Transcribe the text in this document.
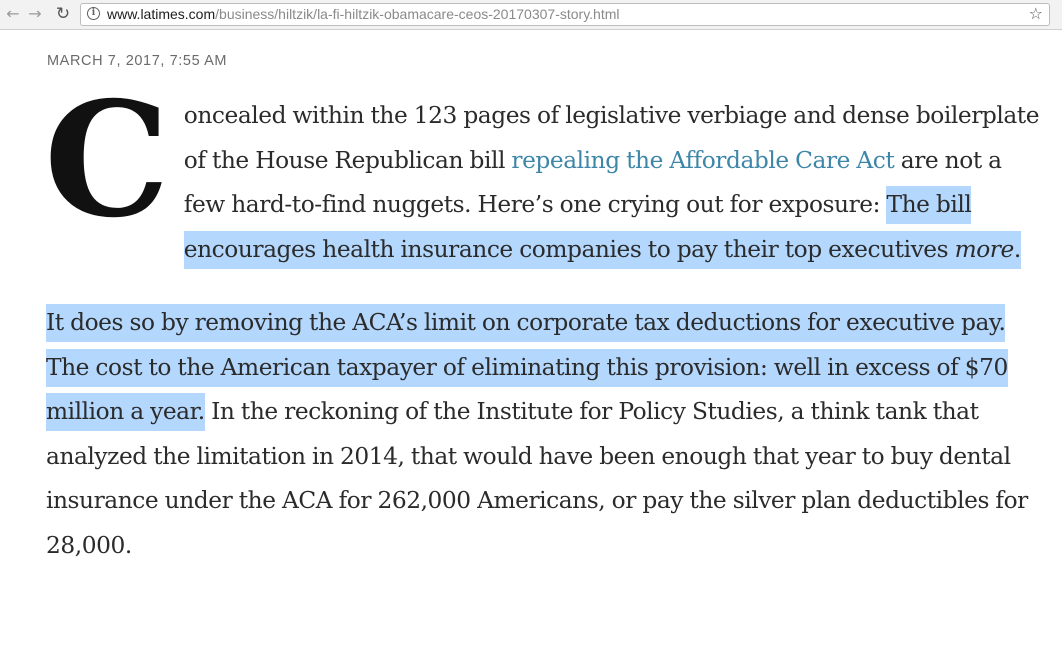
← → ↻	i www.latimes.com/business/hiltzik/la-fi-hiltzik-obamacare-ceos-20170307-story.html	☆
MARCH 7, 2017, 7:55 AM

Concealed within the 123 pages of legislative verbiage and dense boilerplate of the House Republican bill repealing the Affordable Care Act are not a few hard-to-find nuggets. Here’s one crying out for exposure: The bill encourages health insurance companies to pay their top executives more.

It does so by removing the ACA’s limit on corporate tax deductions for executive pay. The cost to the American taxpayer of eliminating this provision: well in excess of $70 million a year. In the reckoning of the Institute for Policy Studies, a think tank that analyzed the limitation in 2014, that would have been enough that year to buy dental insurance under the ACA for 262,000 Americans, or pay the silver plan deductibles for 28,000.
